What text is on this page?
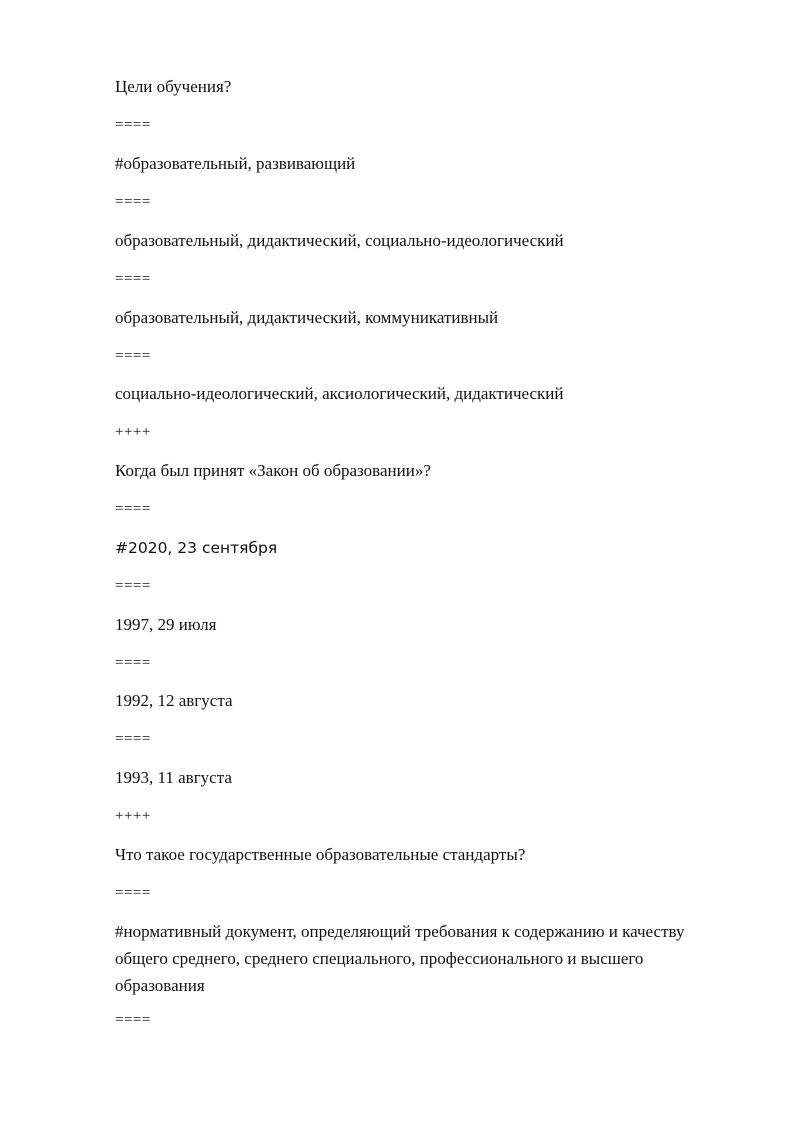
Цели обучения?
====
#образовательный, развивающий
====
образовательный, дидактический, социально-идеологический
====
образовательный, дидактический, коммуникативный
====
социально-идеологический, аксиологический, дидактический
++++
Когда был принят «Закон об образовании»?
====
#2020, 23 сентября
====
1997, 29 июля
====
1992, 12 августа
====
1993, 11 августа
++++
Что такое государственные образовательные стандарты?
====
#нормативный документ, определяющий требования к содержанию и качеству общего среднего, среднего специального, профессионального и высшего образования
====
